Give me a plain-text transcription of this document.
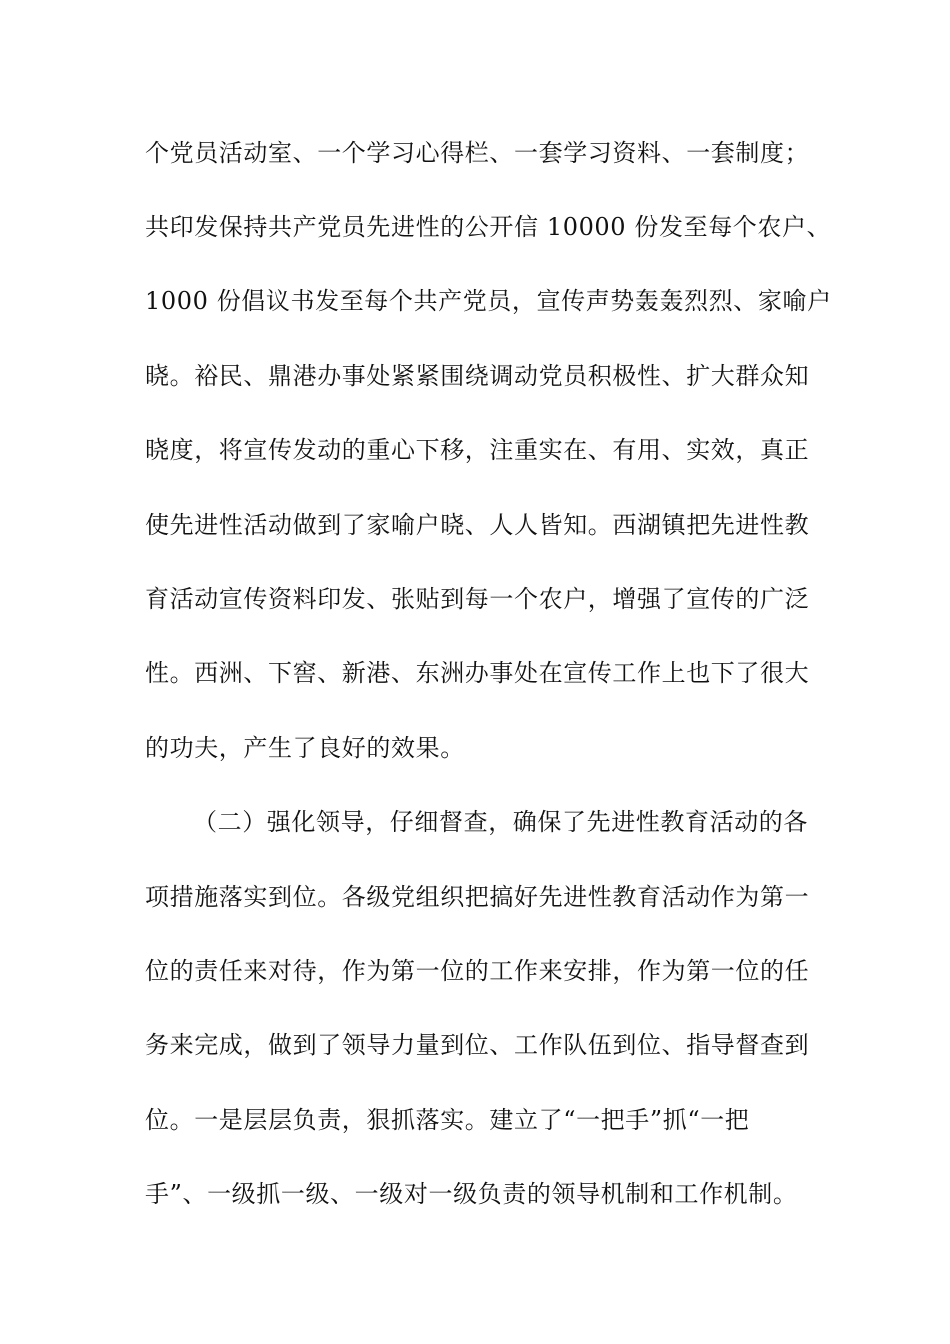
个党员活动室、一个学习心得栏、一套学习资料、一套制度；
共印发保持共产党员先进性的公开信 10000 份发至每个农户、
1000 份倡议书发至每个共产党员，宣传声势轰轰烈烈、家喻户
晓。裕民、鼎港办事处紧紧围绕调动党员积极性、扩大群众知
晓度，将宣传发动的重心下移，注重实在、有用、实效，真正
使先进性活动做到了家喻户晓、人人皆知。西湖镇把先进性教
育活动宣传资料印发、张贴到每一个农户，增强了宣传的广泛
性。西洲、下窖、新港、东洲办事处在宣传工作上也下了很大
的功夫，产生了良好的效果。
（二）强化领导，仔细督查，确保了先进性教育活动的各
项措施落实到位。各级党组织把搞好先进性教育活动作为第一
位的责任来对待，作为第一位的工作来安排，作为第一位的任
务来完成，做到了领导力量到位、工作队伍到位、指导督查到
位。一是层层负责，狠抓落实。建立了“一把手”抓“一把
手”、一级抓一级、一级对一级负责的领导机制和工作机制。
